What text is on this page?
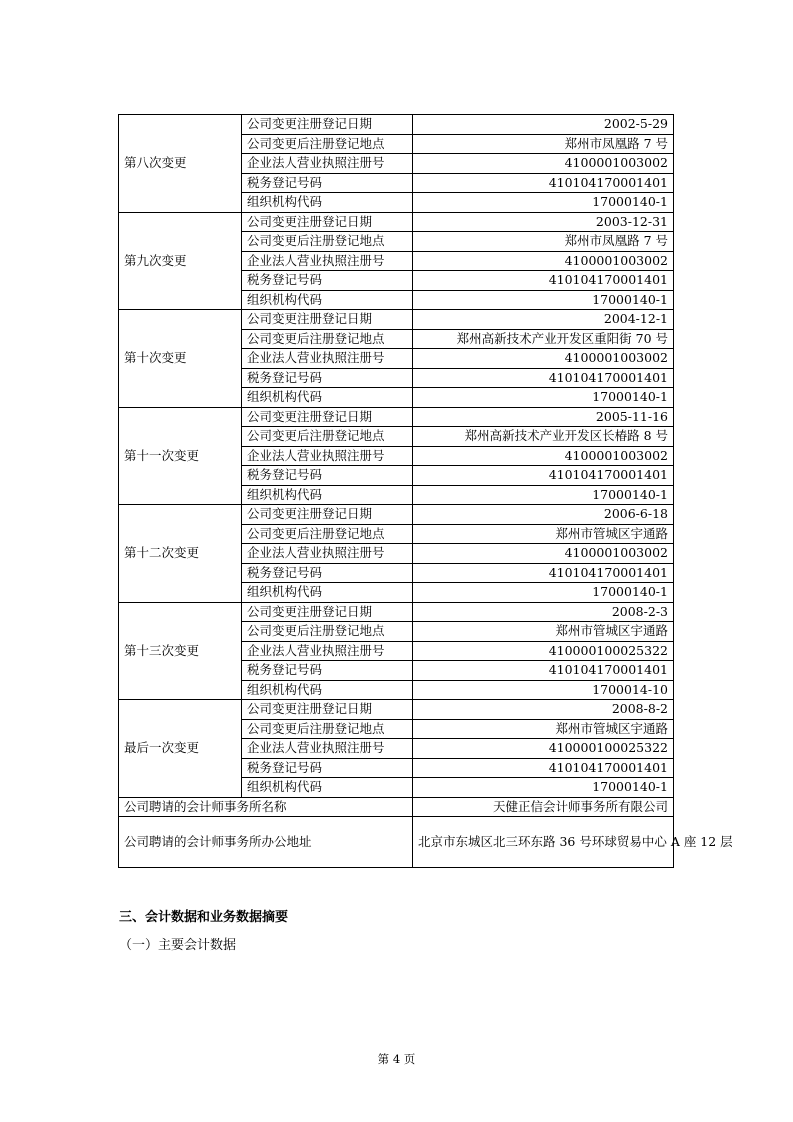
第八次变更	公司变更注册登记日期	2002-5-29
	公司变更后注册登记地点	郑州市凤凰路 7 号
	企业法人营业执照注册号	4100001003002
	税务登记号码	410104170001401
	组织机构代码	17000140-1
第九次变更	公司变更注册登记日期	2003-12-31
	公司变更后注册登记地点	郑州市凤凰路 7 号
	企业法人营业执照注册号	4100001003002
	税务登记号码	410104170001401
	组织机构代码	17000140-1
第十次变更	公司变更注册登记日期	2004-12-1
	公司变更后注册登记地点	郑州高新技术产业开发区重阳街 70 号
	企业法人营业执照注册号	4100001003002
	税务登记号码	410104170001401
	组织机构代码	17000140-1
第十一次变更	公司变更注册登记日期	2005-11-16
	公司变更后注册登记地点	郑州高新技术产业开发区长椿路 8 号
	企业法人营业执照注册号	4100001003002
	税务登记号码	410104170001401
	组织机构代码	17000140-1
第十二次变更	公司变更注册登记日期	2006-6-18
	公司变更后注册登记地点	郑州市管城区宇通路
	企业法人营业执照注册号	4100001003002
	税务登记号码	410104170001401
	组织机构代码	17000140-1
第十三次变更	公司变更注册登记日期	2008-2-3
	公司变更后注册登记地点	郑州市管城区宇通路
	企业法人营业执照注册号	410000100025322
	税务登记号码	410104170001401
	组织机构代码	1700014-10
最后一次变更	公司变更注册登记日期	2008-8-2
	公司变更后注册登记地点	郑州市管城区宇通路
	企业法人营业执照注册号	410000100025322
	税务登记号码	410104170001401
	组织机构代码	17000140-1
公司聘请的会计师事务所名称		天健正信会计师事务所有限公司
公司聘请的会计师事务所办公地址		北京市东城区北三环东路 36 号环球贸易中心 A 座 12 层
三、会计数据和业务数据摘要
（一）主要会计数据
第 4 页
